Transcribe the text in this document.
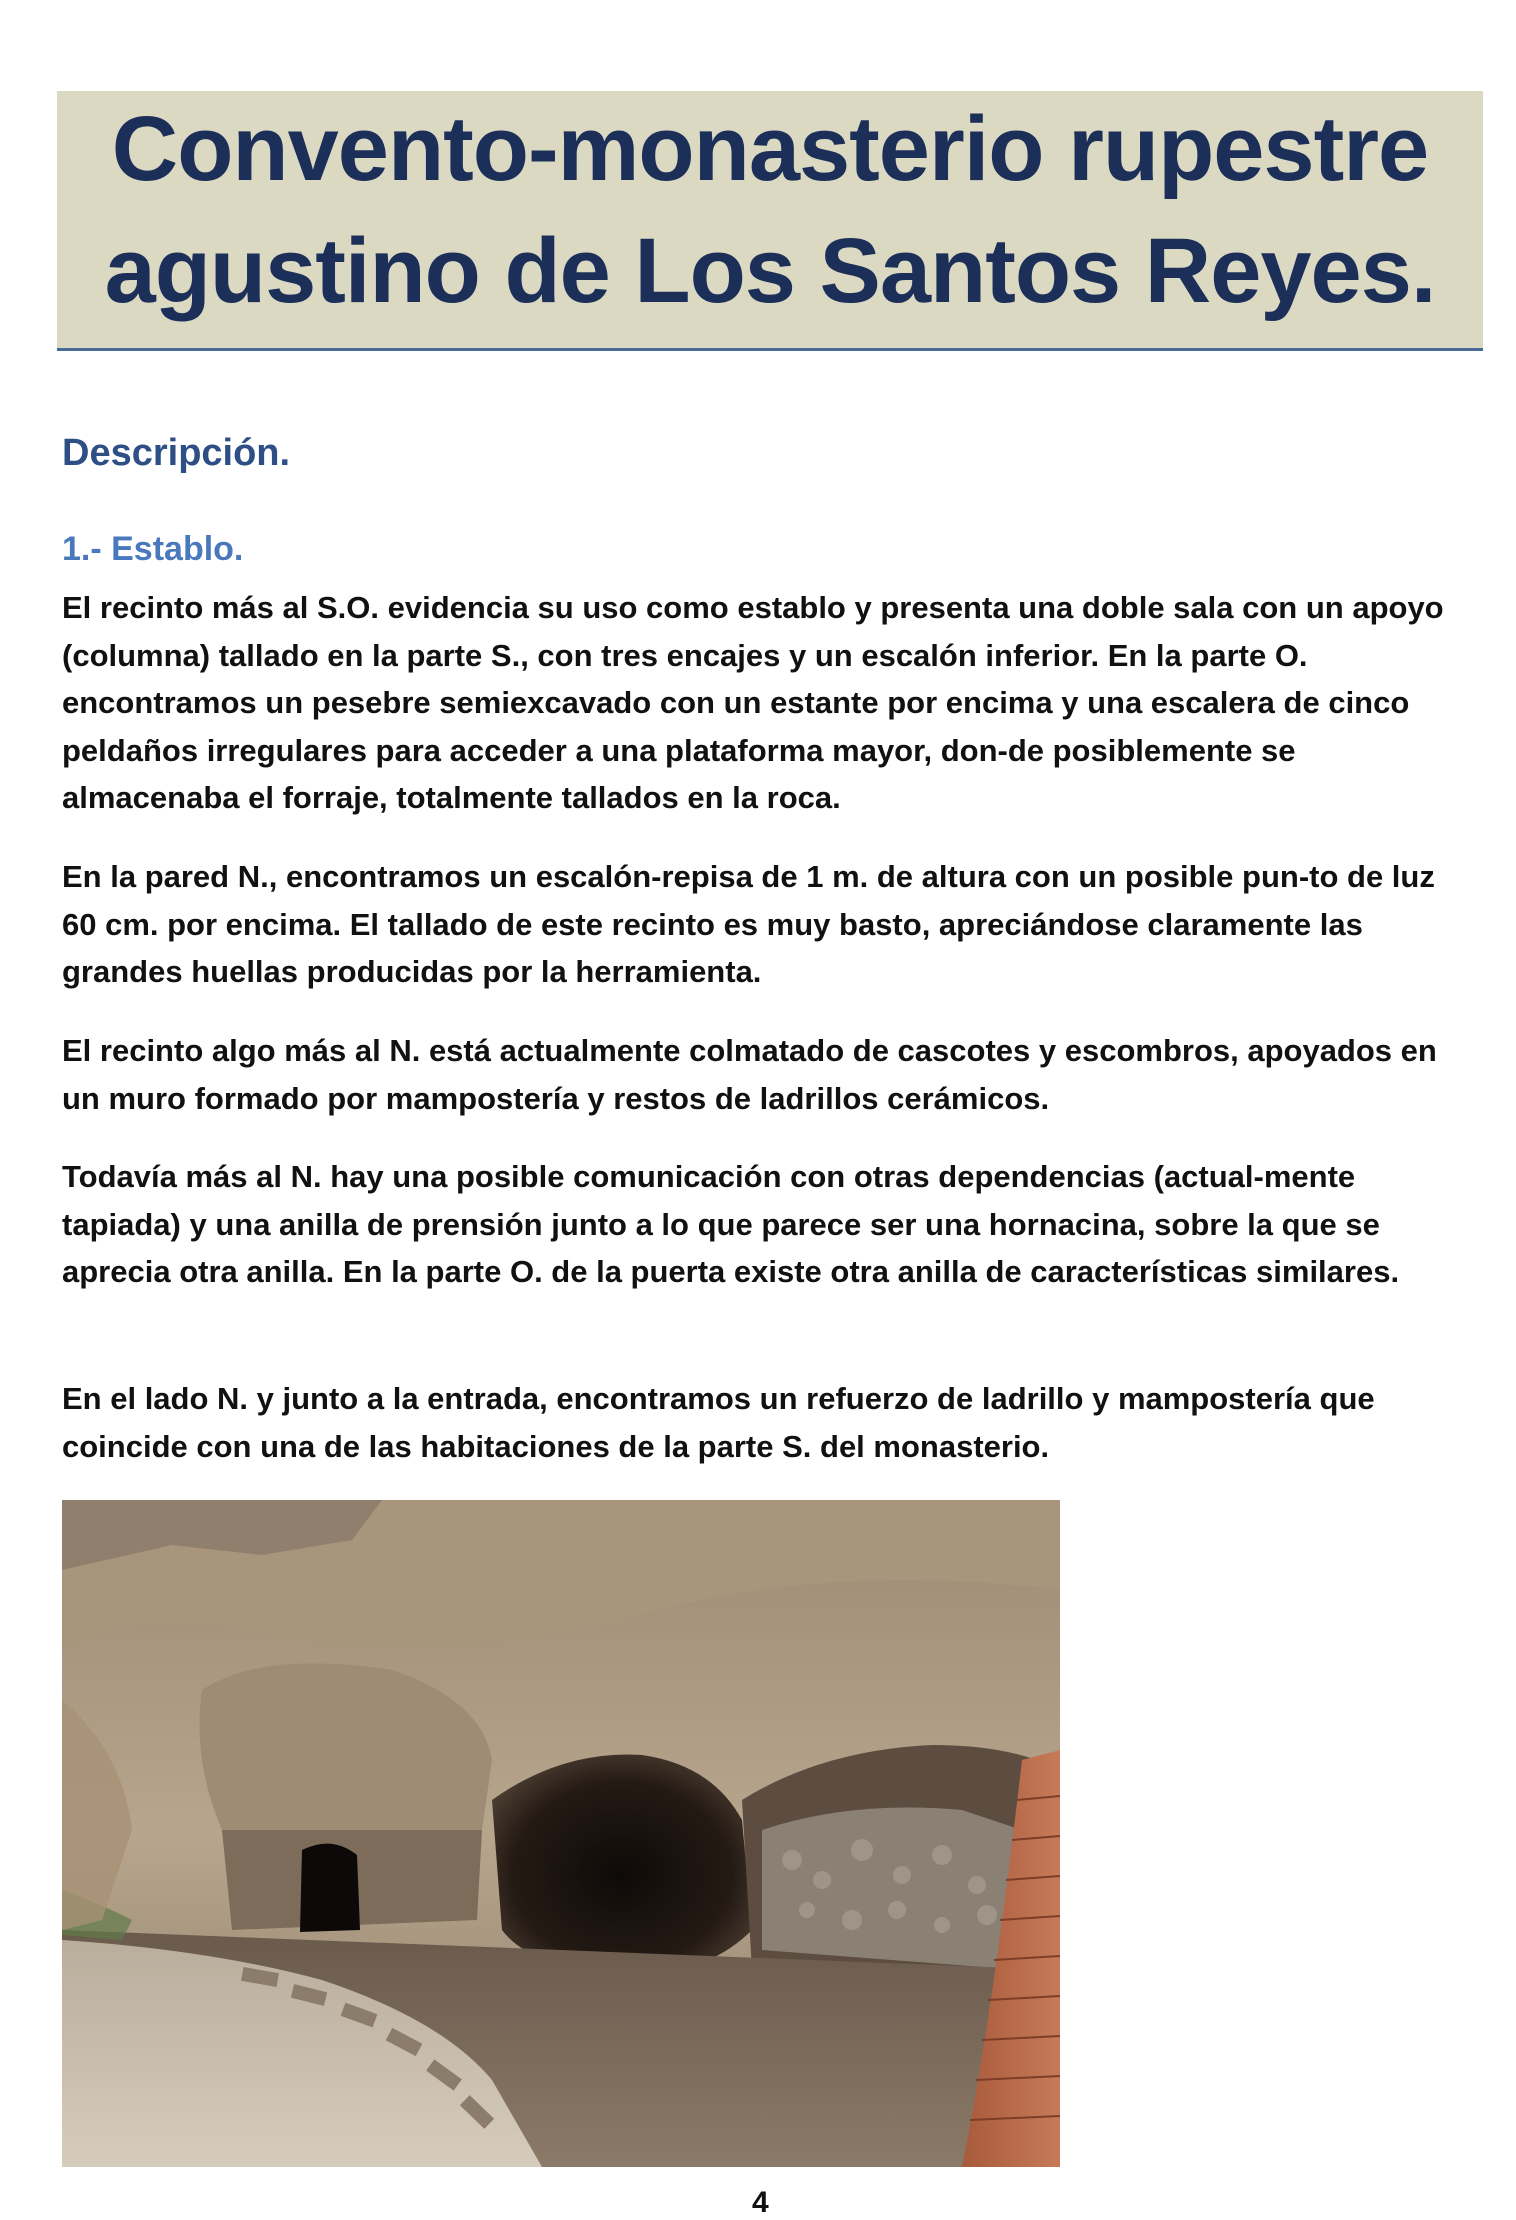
Convento-monasterio rupestre
agustino de Los Santos Reyes.
Descripción.
1.- Establo.

El recinto más al S.O. evidencia su uso como establo y presenta una doble sala con un apoyo (columna) tallado en la parte S., con tres encajes y un escalón inferior. En la parte O. encontramos un pesebre semiexcavado con un estante por encima y una escalera de cinco peldaños irregulares para acceder a una plataforma mayor, don-de posiblemente se almacenaba el forraje, totalmente tallados en la roca.

En la pared N., encontramos un escalón-repisa de 1 m. de altura con un posible pun-to de luz 60 cm. por encima. El tallado de este recinto es muy basto, apreciándose claramente las grandes huellas producidas por la herramienta.

El recinto algo más al N. está actualmente colmatado de cascotes y escombros, apoyados en un muro formado por mampostería y restos de ladrillos cerámicos.

Todavía más al N. hay una posible comunicación con otras dependencias (actual-mente tapiada) y una anilla de prensión junto a lo que parece ser una hornacina, sobre la que se aprecia otra anilla. En la parte O. de la puerta existe otra anilla de características similares.

En el lado N. y junto a la entrada, encontramos un refuerzo de ladrillo y mampostería que coincide con una de las habitaciones de la parte S. del monasterio.

4
